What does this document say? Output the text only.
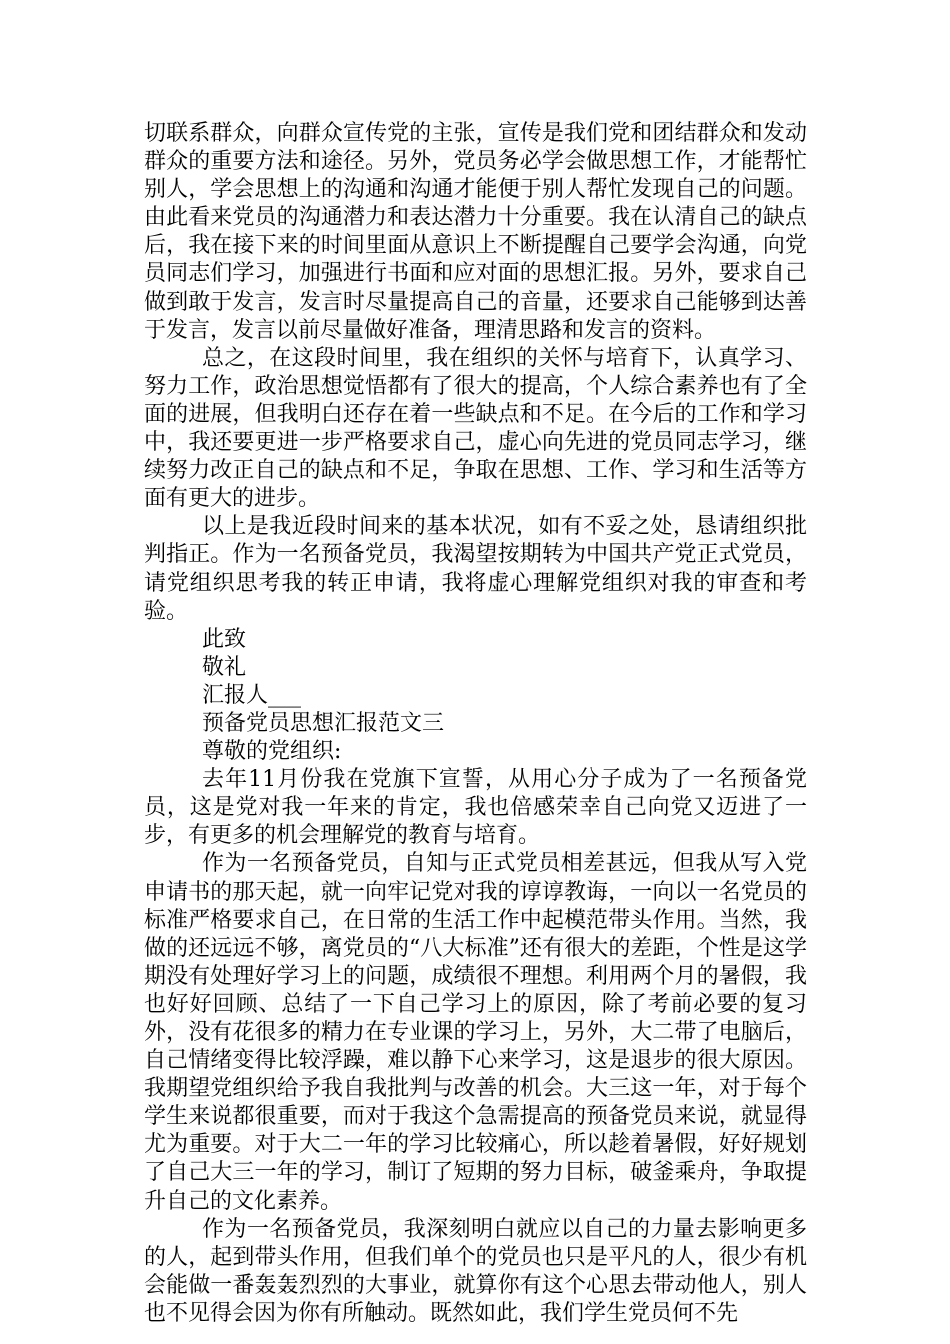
切联系群众，向群众宣传党的主张，宣传是我们党和团结群众和发动群众的重要方法和途径。另外，党员务必学会做思想工作，才能帮忙别人，学会思想上的沟通和沟通才能便于别人帮忙发现自己的问题。由此看来党员的沟通潜力和表达潜力十分重要。我在认清自己的缺点后，我在接下来的时间里面从意识上不断提醒自己要学会沟通，向党员同志们学习，加强进行书面和应对面的思想汇报。另外，要求自己做到敢于发言，发言时尽量提高自己的音量，还要求自己能够到达善于发言，发言以前尽量做好准备，理清思路和发言的资料。

总之，在这段时间里，我在组织的关怀与培育下，认真学习、努力工作，政治思想觉悟都有了很大的提高，个人综合素养也有了全面的进展，但我明白还存在着一些缺点和不足。在今后的工作和学习中，我还要更进一步严格要求自己，虚心向先进的党员同志学习，继续努力改正自己的缺点和不足，争取在思想、工作、学习和生活等方面有更大的进步。

以上是我近段时间来的基本状况，如有不妥之处，恳请组织批判指正。作为一名预备党员，我渴望按期转为中国共产党正式党员，请党组织思考我的转正申请，我将虚心理解党组织对我的审查和考验。

此致

敬礼

汇报人___

预备党员思想汇报范文三

尊敬的党组织:

去年11月份我在党旗下宣誓，从用心分子成为了一名预备党员，这是党对我一年来的肯定，我也倍感荣幸自己向党又迈进了一步，有更多的机会理解党的教育与培育。

作为一名预备党员，自知与正式党员相差甚远，但我从写入党申请书的那天起，就一向牢记党对我的谆谆教诲，一向以一名党员的标准严格要求自己，在日常的生活工作中起模范带头作用。当然，我做的还远远不够，离党员的“八大标准”还有很大的差距，个性是这学期没有处理好学习上的问题，成绩很不理想。利用两个月的暑假，我也好好回顾、总结了一下自己学习上的原因，除了考前必要的复习外，没有花很多的精力在专业课的学习上，另外，大二带了电脑后，自己情绪变得比较浮躁，难以静下心来学习，这是退步的很大原因。我期望党组织给予我自我批判与改善的机会。大三这一年，对于每个学生来说都很重要，而对于我这个急需提高的预备党员来说，就显得尤为重要。对于大二一年的学习比较痛心，所以趁着暑假，好好规划了自己大三一年的学习，制订了短期的努力目标，破釜乘舟，争取提升自己的文化素养。

作为一名预备党员，我深刻明白就应以自己的力量去影响更多的人，起到带头作用，但我们单个的党员也只是平凡的人，很少有机会能做一番轰轰烈烈的大事业，就算你有这个心思去带动他人，别人也不见得会因为你有所触动。既然如此，我们学生党员何不先
